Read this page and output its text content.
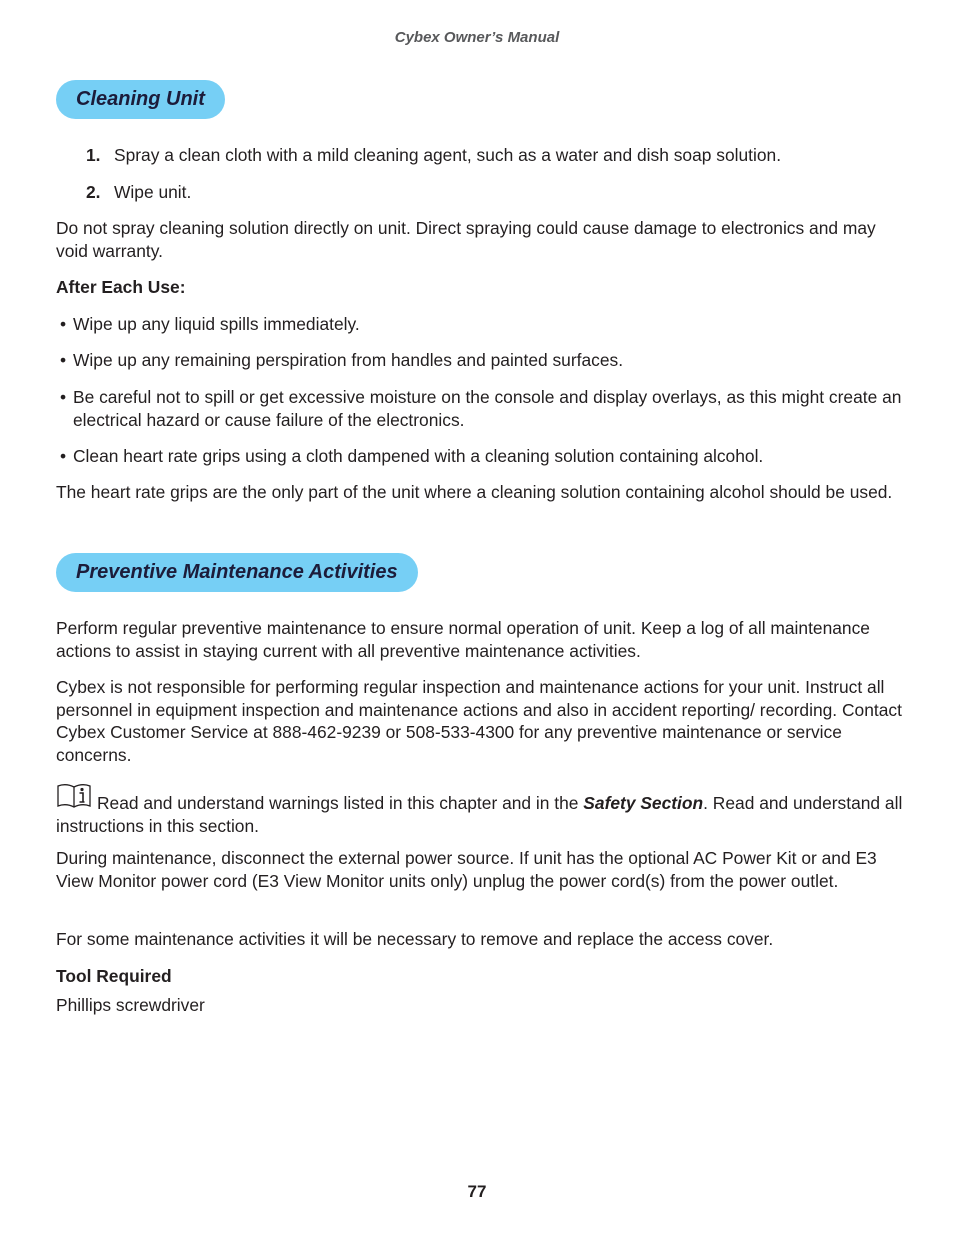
Cybex Owner’s Manual
Cleaning Unit
1. Spray a clean cloth with a mild cleaning agent, such as a water and dish soap solution.
2. Wipe unit.

Do not spray cleaning solution directly on unit. Direct spraying could cause damage to electronics and may void warranty.

After Each Use:
• Wipe up any liquid spills immediately.
• Wipe up any remaining perspiration from handles and painted surfaces.
• Be careful not to spill or get excessive moisture on the console and display overlays, as this might create an electrical hazard or cause failure of the electronics.
• Clean heart rate grips using a cloth dampened with a cleaning solution containing alcohol.

The heart rate grips are the only part of the unit where a cleaning solution containing alcohol should be used.

Preventive Maintenance Activities

Perform regular preventive maintenance to ensure normal operation of unit. Keep a log of all maintenance actions to assist in staying current with all preventive maintenance activities.

Cybex is not responsible for performing regular inspection and maintenance actions for your unit. Instruct all personnel in equipment inspection and maintenance actions and also in accident reporting/ recording. Contact Cybex Customer Service at 888-462-9239 or 508-533-4300 for any preventive maintenance or service concerns.

Read and understand warnings listed in this chapter and in the Safety Section. Read and understand all instructions in this section.

During maintenance, disconnect the external power source. If unit has the optional AC Power Kit or and E3 View Monitor power cord (E3 View Monitor units only) unplug the power cord(s) from the power outlet.

For some maintenance activities it will be necessary to remove and replace the access cover.

Tool Required
Phillips screwdriver
77
